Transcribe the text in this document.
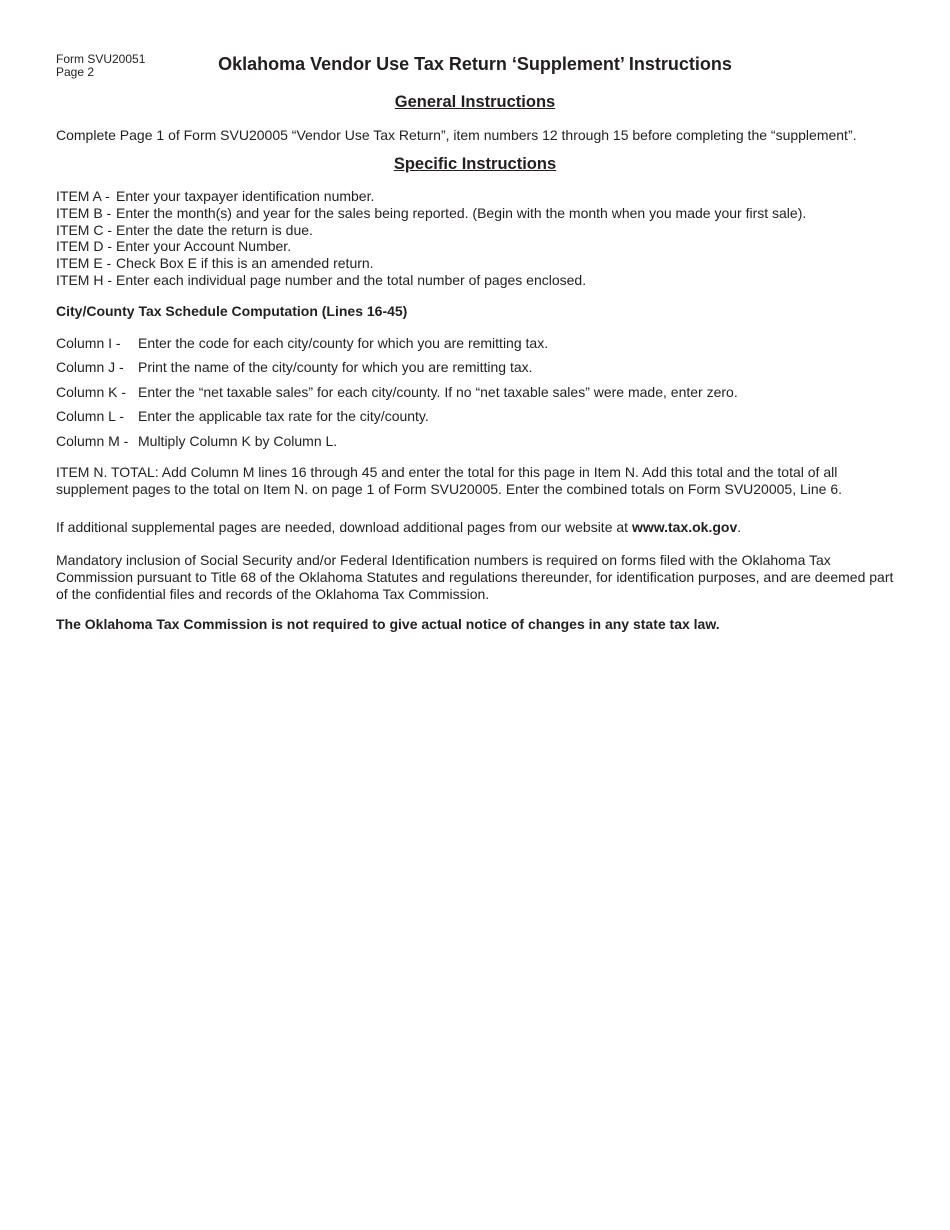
Form SVU20051
Page 2	Oklahoma Vendor Use Tax Return ‘Supplement’ Instructions
General Instructions

Complete Page 1 of Form SVU20005 “Vendor Use Tax Return”, item numbers 12 through 15 before completing the “supplement”.

Specific Instructions
ITEM A - Enter your taxpayer identification number.
ITEM B - Enter the month(s) and year for the sales being reported. (Begin with the month when you made your first sale).
ITEM C - Enter the date the return is due.
ITEM D - Enter your Account Number.
ITEM E - Check Box E if this is an amended return.
ITEM H - Enter each individual page number and the total number of pages enclosed.
City/County Tax Schedule Computation (Lines 16-45)
Column I - Enter the code for each city/county for which you are remitting tax.
Column J - Print the name of the city/county for which you are remitting tax.
Column K - Enter the “net taxable sales” for each city/county. If no “net taxable sales” were made, enter zero.
Column L - Enter the applicable tax rate for the city/county.
Column M - Multiply Column K by Column L.

ITEM N. TOTAL: Add Column M lines 16 through 45 and enter the total for this page in Item N. Add this total and the total of all supplement pages to the total on Item N. on page 1 of Form SVU20005. Enter the combined totals on Form SVU20005, Line 6.

If additional supplemental pages are needed, download additional pages from our website at www.tax.ok.gov.

Mandatory inclusion of Social Security and/or Federal Identification numbers is required on forms filed with the Oklahoma Tax Commission pursuant to Title 68 of the Oklahoma Statutes and regulations thereunder, for identification purposes, and are deemed part of the confidential files and records of the Oklahoma Tax Commission.

The Oklahoma Tax Commission is not required to give actual notice of changes in any state tax law.
